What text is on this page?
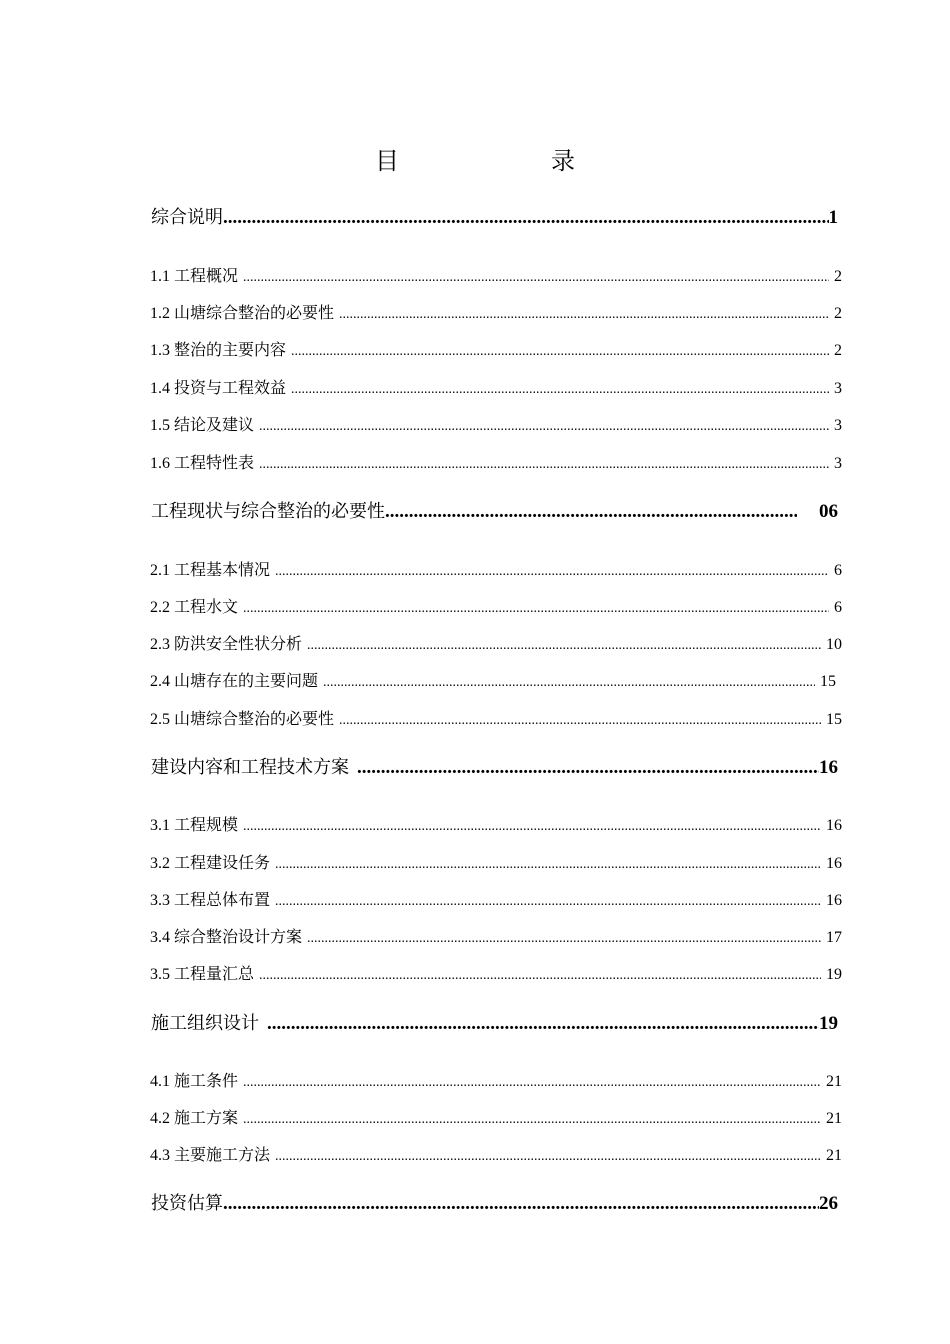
目　录
综合说明 .....	1
1.1 工程概况 .....	2
1.2 山塘综合整治的必要性 .....	2
1.3 整治的主要内容 .....	2
1.4 投资与工程效益 .....	3
1.5 结论及建议 .....	3
1.6 工程特性表 .....	3
工程现状与综合整治的必要性 .....	06
2.1 工程基本情况 .....	6
2.2 工程水文 .....	6
2.3 防洪安全性状分析 .....	10
2.4 山塘存在的主要问题 .....	15
2.5 山塘综合整治的必要性 .....	15
建设内容和工程技术方案 .....	16
3.1 工程规模 .....	16
3.2 工程建设任务 .....	16
3.3 工程总体布置 .....	16
3.4 综合整治设计方案 .....	17
3.5 工程量汇总 .....	19
施工组织设计 .....	19
4.1 施工条件 .....	21
4.2 施工方案 .....	21
4.3 主要施工方法 .....	21
投资估算 .....	26
